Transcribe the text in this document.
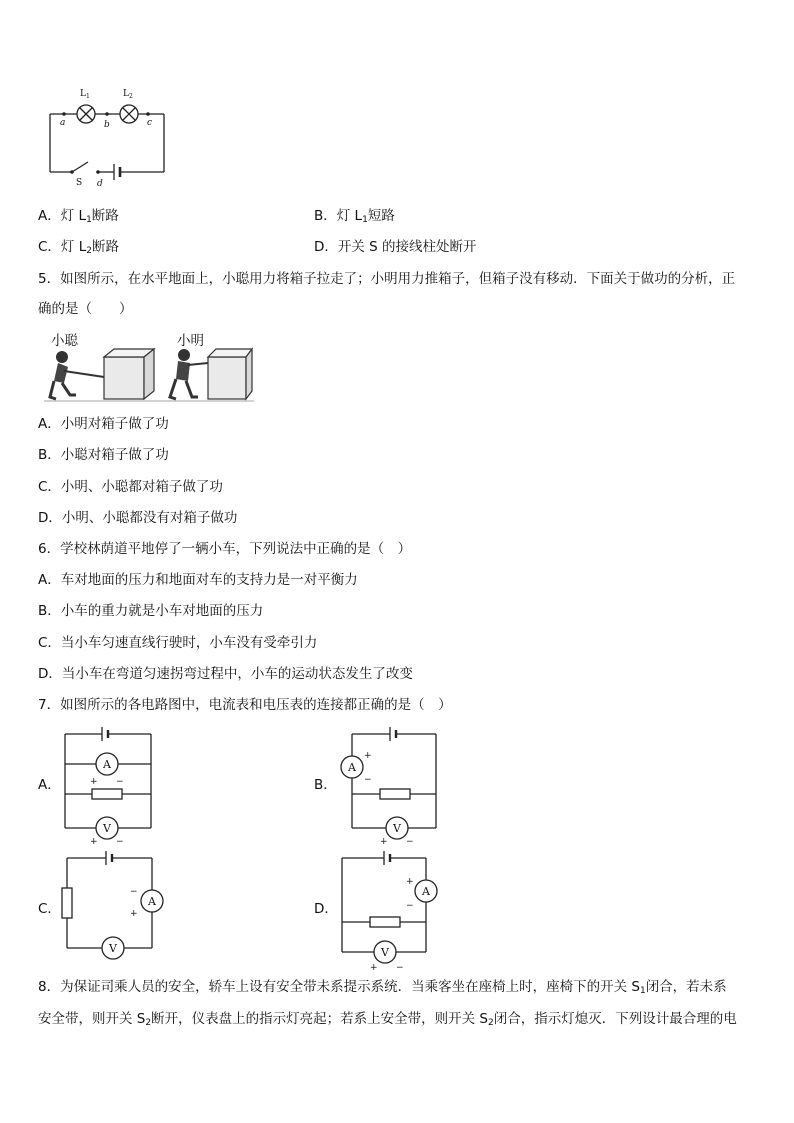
$L_1$	$L_2$
a	b	c
S d
A．灯 $L_1$断路	B．灯 $L_1$短路
C．灯 $L_2$断路	D．开关 S 的接线柱处断开
5．如图所示，在水平地面上，小聪用力将箱子拉走了；小明用力推箱子，但箱子没有移动．下面关于做功的分析，正
确的是（　　）
小聪	小明
A．小明对箱子做了功
B．小聪对箱子做了功
C．小明、小聪都对箱子做了功
D．小明、小聪都没有对箱子做功
6．学校林荫道平地停了一辆小车，下列说法中正确的是（　）
A．车对地面的压力和地面对车的支持力是一对平衡力
B．小车的重力就是小车对地面的压力
C．当小车匀速直线行驶时，小车没有受牵引力
D．当小车在弯道匀速拐弯过程中，小车的运动状态发生了改变
7．如图所示的各电路图中，电流表和电压表的连接都正确的是（　）
A．	B．
C．	D．
A
+ −
V
+ −
A
+
−
V
+ −
A
−
+
V
A
+
−
V
+ −
8．为保证司乘人员的安全，轿车上设有安全带未系提示系统．当乘客坐在座椅上时，座椅下的开关 $S_1$闭合，若未系
安全带，则开关 $S_2$断开，仪表盘上的指示灯亮起；若系上安全带，则开关 $S_2$闭合，指示灯熄灭．下列设计最合理的电
